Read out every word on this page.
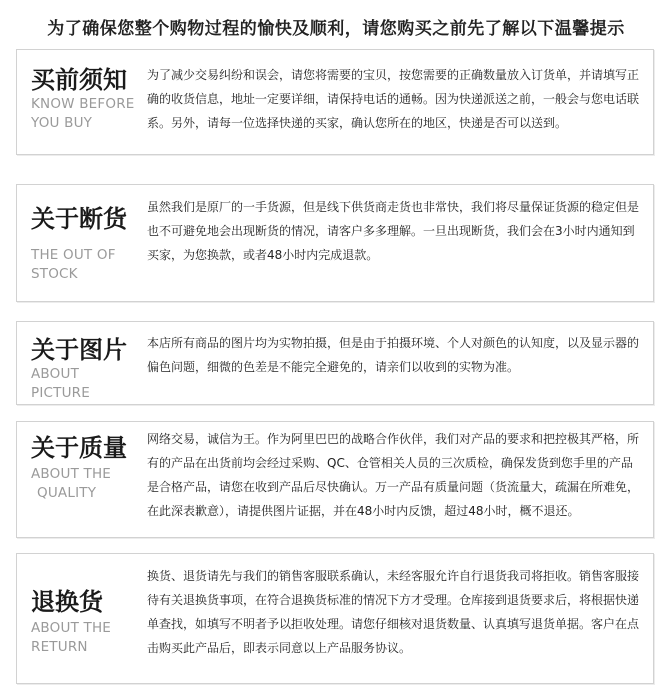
为了确保您整个购物过程的愉快及顺利，请您购买之前先了解以下温馨提示
买前须知
KNOW BEFORE
YOU BUY
为了减少交易纠纷和误会，请您将需要的宝贝，按您需要的正确数量放入订货单，并请填写正确的收货信息，地址一定要详细，请保持电话的通畅。因为快递派送之前，一般会与您电话联系。另外，请每一位选择快递的买家，确认您所在的地区，快递是否可以送到。
关于断货
THE OUT OF
STOCK
虽然我们是原厂的一手货源，但是线下供货商走货也非常快，我们将尽量保证货源的稳定但是也不可避免地会出现断货的情况，请客户多多理解。一旦出现断货，我们会在3小时内通知到买家，为您换款，或者48小时内完成退款。
关于图片
ABOUT
PICTURE
本店所有商品的图片均为实物拍摄，但是由于拍摄环境、个人对颜色的认知度，以及显示器的偏色问题，细微的色差是不能完全避免的，请亲们以收到的实物为准。
关于质量
ABOUT THE
QUALITY
网络交易，诚信为王。作为阿里巴巴的战略合作伙伴，我们对产品的要求和把控极其严格，所有的产品在出货前均会经过采购、QC、仓管相关人员的三次质检，确保发货到您手里的产品是合格产品，请您在收到产品后尽快确认。万一产品有质量问题（货流量大，疏漏在所难免，在此深表歉意），请提供图片证据，并在48小时内反馈，超过48小时，概不退还。
退换货
ABOUT THE
RETURN
换货、退货请先与我们的销售客服联系确认，未经客服允许自行退货我司将拒收。销售客服接待有关退换货事项，在符合退换货标准的情况下方才受理。仓库接到退货要求后，将根据快递单查找，如填写不明者予以拒收处理。请您仔细核对退货数量、认真填写退货单据。客户在点击购买此产品后，即表示同意以上产品服务协议。
